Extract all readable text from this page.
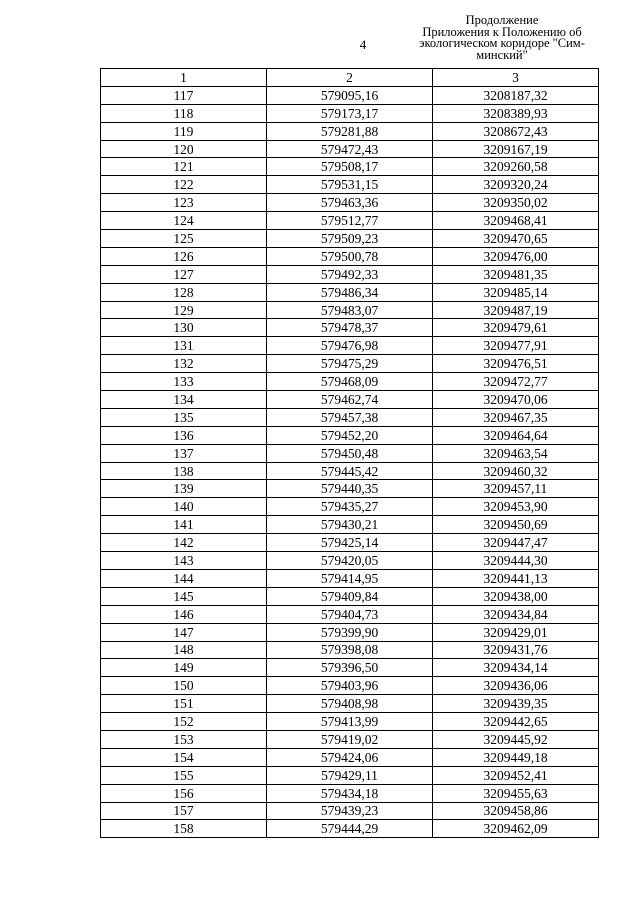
4
Продолжение
Приложения к Положению об
экологическом коридоре "Сим-
минский"
1	2	3
117	579095,16	3208187,32
118	579173,17	3208389,93
119	579281,88	3208672,43
120	579472,43	3209167,19
121	579508,17	3209260,58
122	579531,15	3209320,24
123	579463,36	3209350,02
124	579512,77	3209468,41
125	579509,23	3209470,65
126	579500,78	3209476,00
127	579492,33	3209481,35
128	579486,34	3209485,14
129	579483,07	3209487,19
130	579478,37	3209479,61
131	579476,98	3209477,91
132	579475,29	3209476,51
133	579468,09	3209472,77
134	579462,74	3209470,06
135	579457,38	3209467,35
136	579452,20	3209464,64
137	579450,48	3209463,54
138	579445,42	3209460,32
139	579440,35	3209457,11
140	579435,27	3209453,90
141	579430,21	3209450,69
142	579425,14	3209447,47
143	579420,05	3209444,30
144	579414,95	3209441,13
145	579409,84	3209438,00
146	579404,73	3209434,84
147	579399,90	3209429,01
148	579398,08	3209431,76
149	579396,50	3209434,14
150	579403,96	3209436,06
151	579408,98	3209439,35
152	579413,99	3209442,65
153	579419,02	3209445,92
154	579424,06	3209449,18
155	579429,11	3209452,41
156	579434,18	3209455,63
157	579439,23	3209458,86
158	579444,29	3209462,09
